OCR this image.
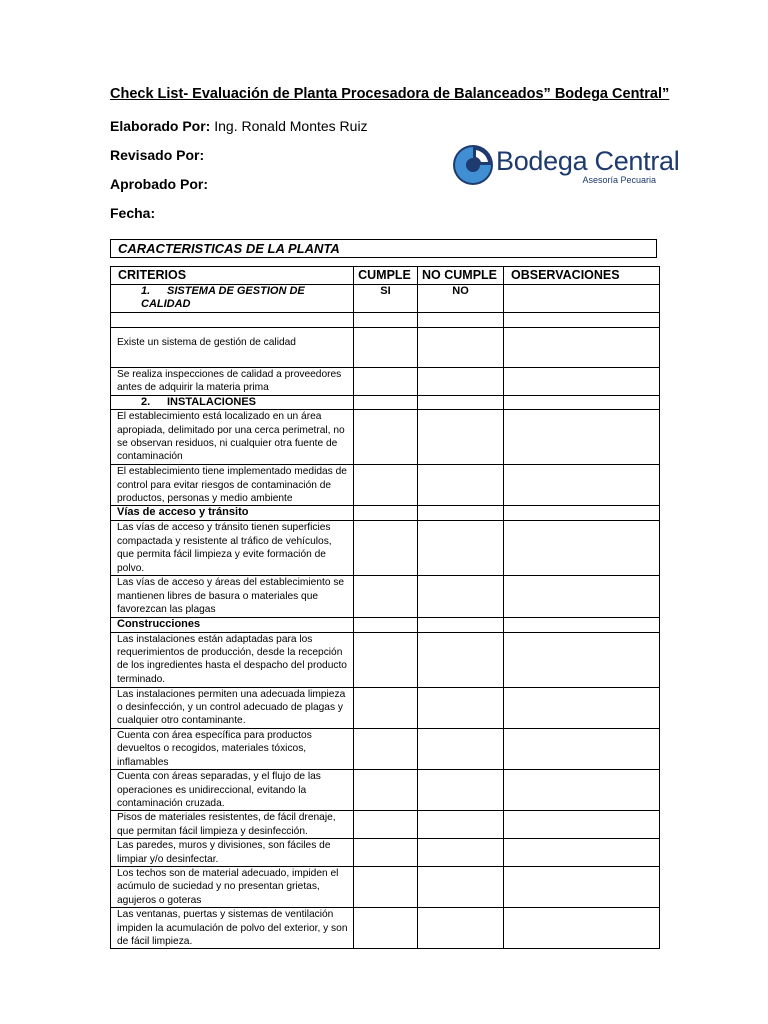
Check List- Evaluación de Planta Procesadora de Balanceados” Bodega Central”
Elaborado Por: Ing. Ronald Montes Ruiz
Revisado Por:
Aprobado Por:
Fecha:
Bodega Central
Asesoría Pecuaria
CARACTERISTICAS DE LA PLANTA
CRITERIOS	CUMPLE	NO CUMPLE	OBSERVACIONES
1. SISTEMA DE GESTION DE CALIDAD	SI	NO	

Existe un sistema de gestión de calidad			
Se realiza inspecciones de calidad a proveedores antes de adquirir la materia prima			
2. INSTALACIONES			
El establecimiento está localizado en un área apropiada, delimitado por una cerca perimetral, no se observan residuos, ni cualquier otra fuente de contaminación			
El establecimiento tiene implementado medidas de control para evitar riesgos de contaminación de productos, personas y medio ambiente			
Vías de acceso y tránsito			
Las vías de acceso y tránsito tienen superficies compactada y resistente al tráfico de vehículos, que permita fácil limpieza y evite formación de polvo.			
Las vías de acceso y áreas del establecimiento se mantienen libres de basura o materiales que favorezcan las plagas			
Construcciones			
Las instalaciones están adaptadas para los requerimientos de producción, desde la recepción de los ingredientes hasta el despacho del producto terminado.			
Las instalaciones permiten una adecuada limpieza o desinfección, y un control adecuado de plagas y cualquier otro contaminante.			
Cuenta con área específica para productos devueltos o recogidos, materiales tóxicos, inflamables			
Cuenta con áreas separadas, y el flujo de las operaciones es unidireccional, evitando la contaminación cruzada.			
Pisos de materiales resistentes, de fácil drenaje, que permitan fácil limpieza y desinfección.			
Las paredes, muros y divisiones, son fáciles de limpiar y/o desinfectar.			
Los techos son de material adecuado, impiden el acúmulo de suciedad y no presentan grietas, agujeros o goteras			
Las ventanas, puertas y sistemas de ventilación impiden la acumulación de polvo del exterior, y son de fácil limpieza.			
